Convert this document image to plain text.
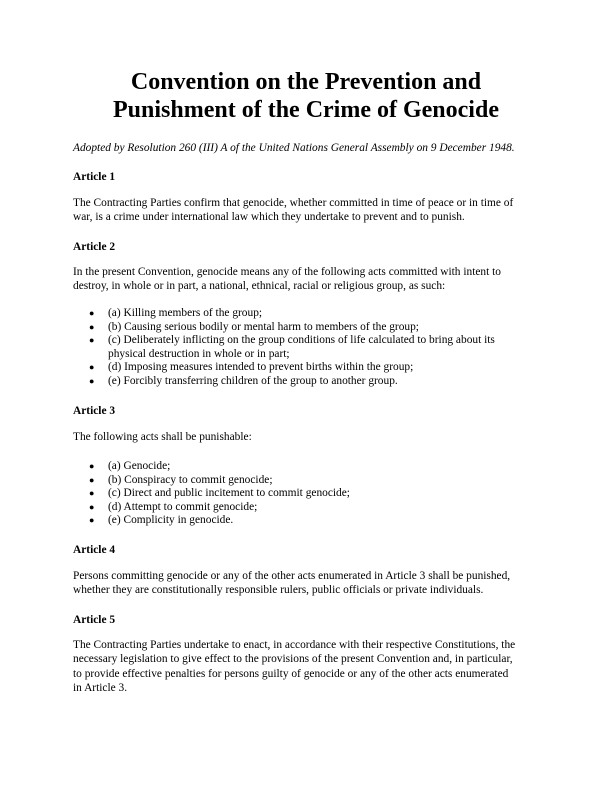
Convention on the Prevention and
Punishment of the Crime of Genocide
Adopted by Resolution 260 (III) A of the United Nations General Assembly on 9 December 1948.
Article 1
The Contracting Parties confirm that genocide, whether committed in time of peace or in time of
war, is a crime under international law which they undertake to prevent and to punish.
Article 2
In the present Convention, genocide means any of the following acts committed with intent to
destroy, in whole or in part, a national, ethnical, racial or religious group, as such:
● (a) Killing members of the group;
● (b) Causing serious bodily or mental harm to members of the group;
● (c) Deliberately inflicting on the group conditions of life calculated to bring about its
physical destruction in whole or in part;
● (d) Imposing measures intended to prevent births within the group;
● (e) Forcibly transferring children of the group to another group.
Article 3
The following acts shall be punishable:
● (a) Genocide;
● (b) Conspiracy to commit genocide;
● (c) Direct and public incitement to commit genocide;
● (d) Attempt to commit genocide;
● (e) Complicity in genocide.
Article 4
Persons committing genocide or any of the other acts enumerated in Article 3 shall be punished,
whether they are constitutionally responsible rulers, public officials or private individuals.
Article 5
The Contracting Parties undertake to enact, in accordance with their respective Constitutions, the
necessary legislation to give effect to the provisions of the present Convention and, in particular,
to provide effective penalties for persons guilty of genocide or any of the other acts enumerated
in Article 3.
